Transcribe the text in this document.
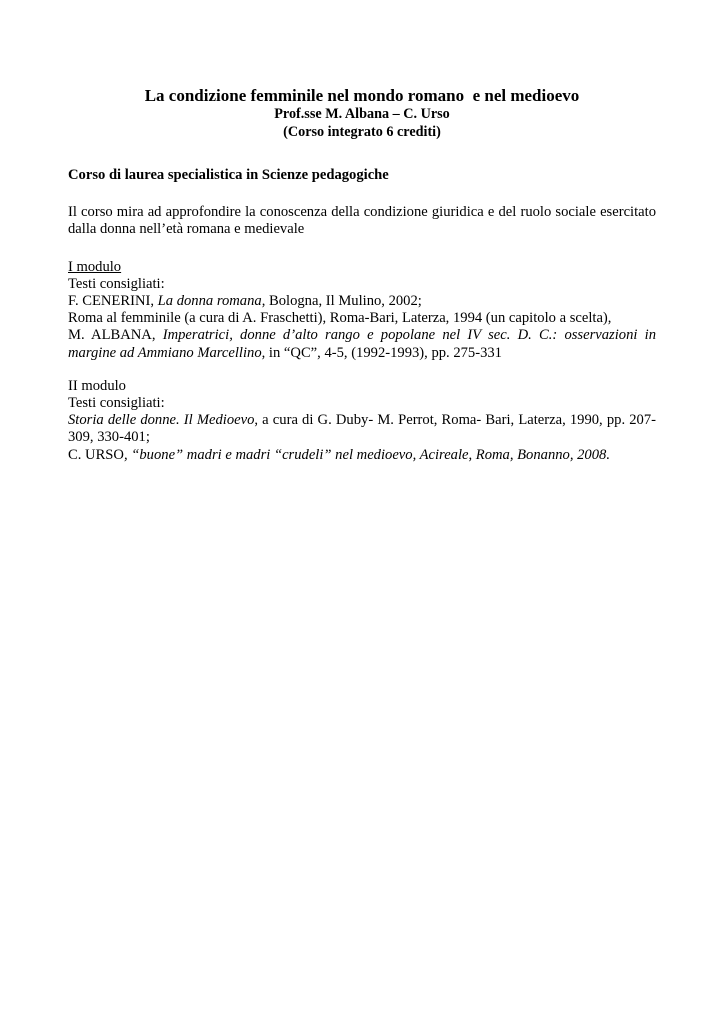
La condizione femminile nel mondo romano  e nel medioevo
Prof.sse M. Albana – C. Urso
(Corso integrato 6 crediti)
Corso di laurea specialistica in Scienze pedagogiche
Il corso mira ad approfondire la conoscenza della condizione giuridica e del ruolo sociale esercitato dalla donna nell’età romana e medievale
I modulo
Testi consigliati:
F. CENERINI, La donna romana, Bologna, Il Mulino, 2002;
Roma al femminile (a cura di A. Fraschetti), Roma-Bari, Laterza, 1994 (un capitolo a scelta),
M. ALBANA, Imperatrici, donne d’alto rango e popolane nel IV sec. D. C.: osservazioni in margine ad Ammiano Marcellino, in “QC”, 4-5, (1992-1993), pp. 275-331
II modulo
Testi consigliati:
Storia delle donne. Il Medioevo, a cura di G. Duby- M. Perrot, Roma- Bari, Laterza, 1990, pp. 207-309, 330-401;
C. URSO, “buone” madri e madri “crudeli” nel medioevo, Acireale, Roma, Bonanno, 2008.
